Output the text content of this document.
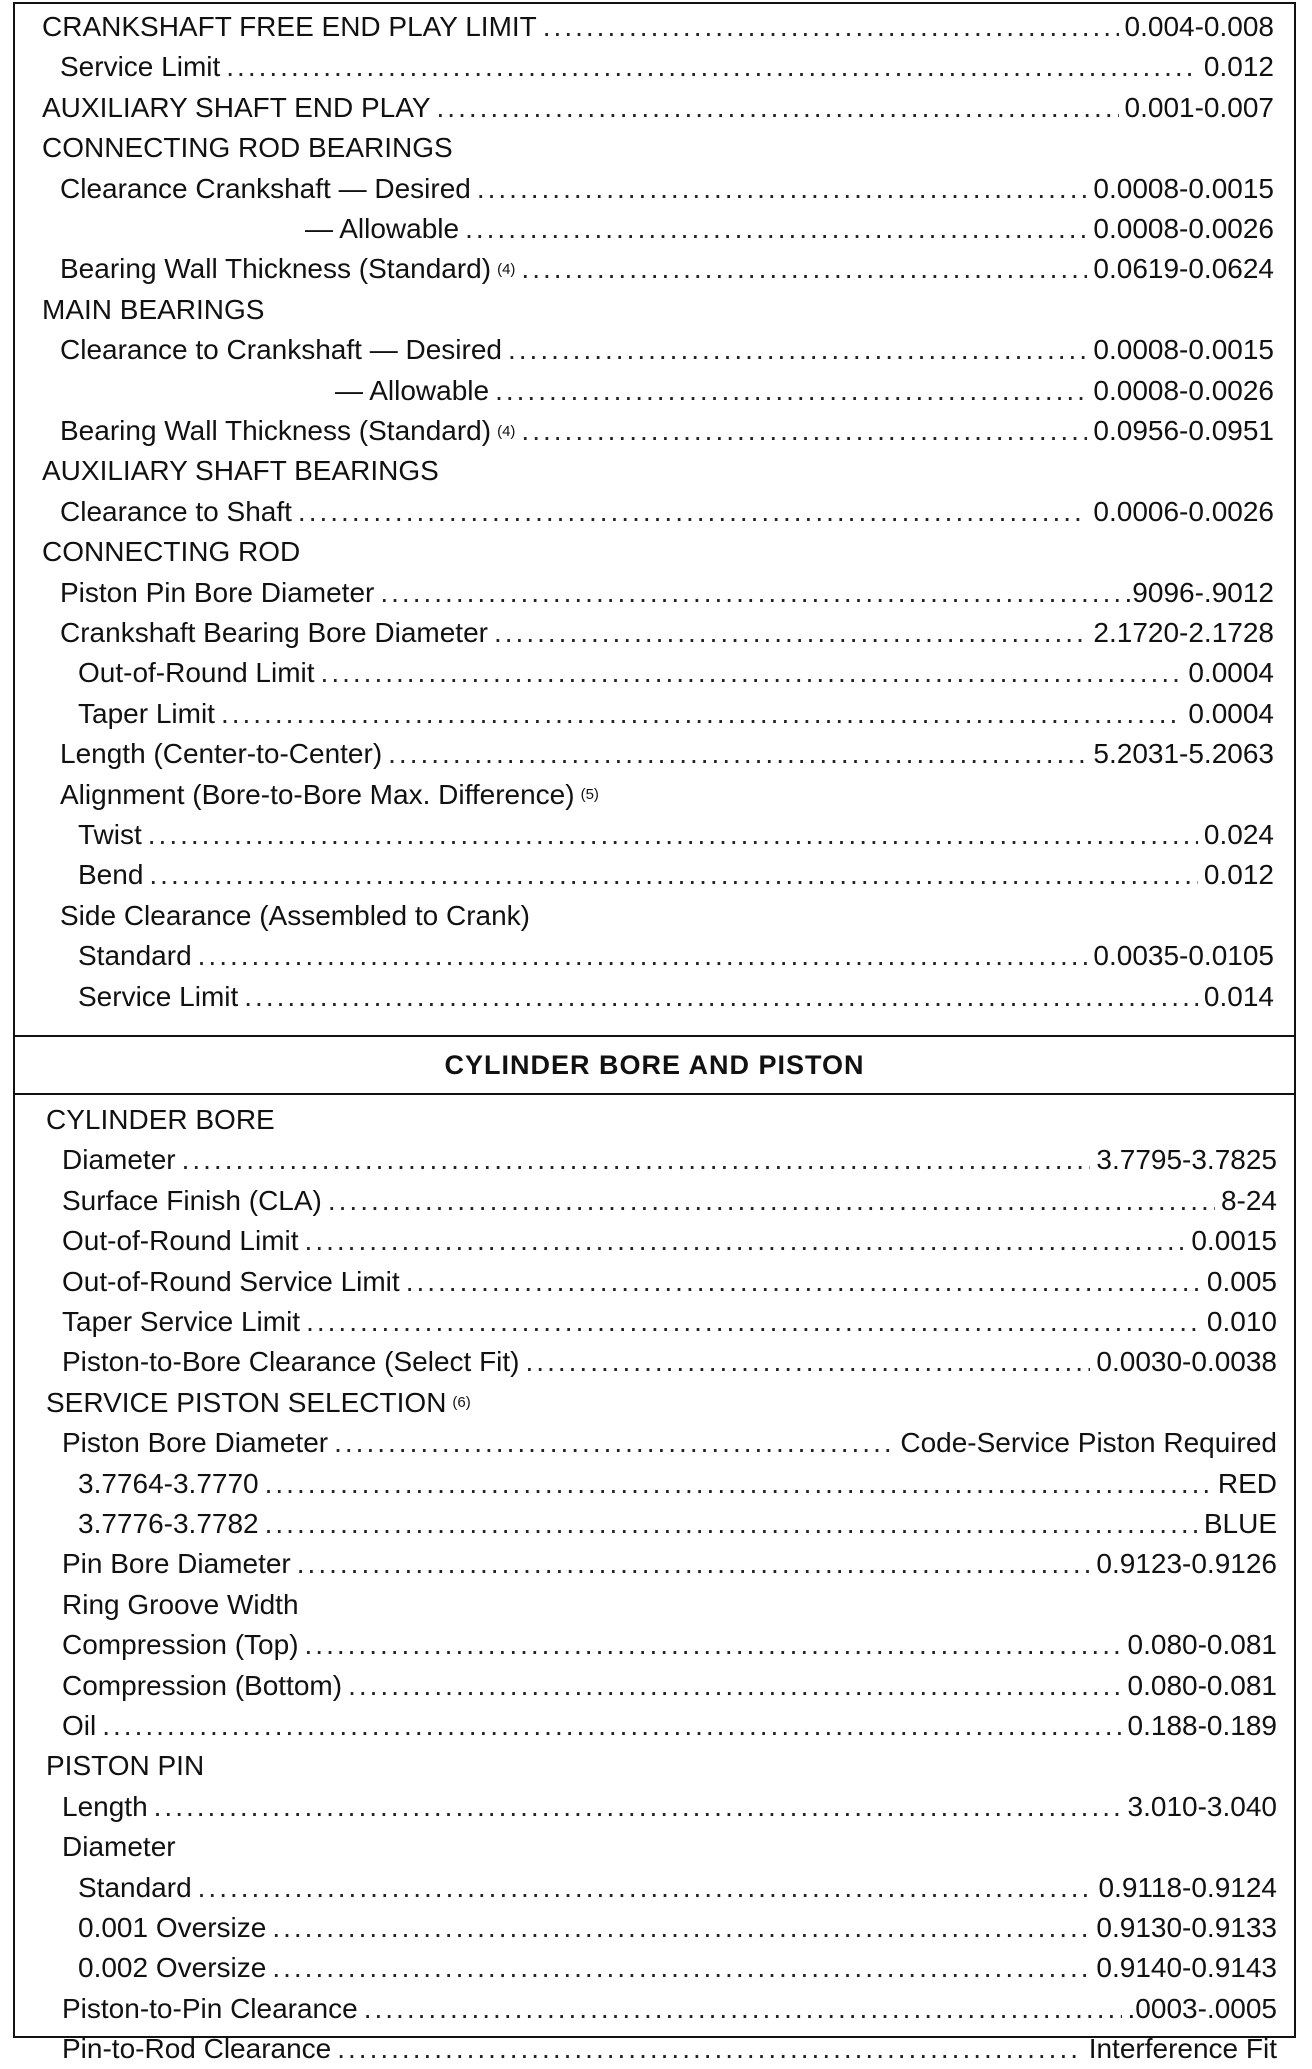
CRANKSHAFT FREE END PLAY LIMIT .....	0.004-0.008
Service Limit .....	0.012
AUXILIARY SHAFT END PLAY .....	0.001-0.007
CONNECTING ROD BEARINGS
Clearance Crankshaft — Desired .....	0.0008-0.0015
— Allowable .....	0.0008-0.0026
Bearing Wall Thickness (Standard) (4) .....	0.0619-0.0624
MAIN BEARINGS
Clearance to Crankshaft — Desired .....	0.0008-0.0015
— Allowable .....	0.0008-0.0026
Bearing Wall Thickness (Standard) (4) .....	0.0956-0.0951
AUXILIARY SHAFT BEARINGS
Clearance to Shaft .....	0.0006-0.0026
CONNECTING ROD
Piston Pin Bore Diameter .....	.9096-.9012
Crankshaft Bearing Bore Diameter .....	2.1720-2.1728
Out-of-Round Limit .....	0.0004
Taper Limit .....	0.0004
Length (Center-to-Center) .....	5.2031-5.2063
Alignment (Bore-to-Bore Max. Difference) (5)
Twist .....	0.024
Bend .....	0.012
Side Clearance (Assembled to Crank)
Standard .....	0.0035-0.0105
Service Limit .....	0.014
CYLINDER BORE AND PISTON
CYLINDER BORE
Diameter .....	3.7795-3.7825
Surface Finish (CLA) .....	8-24
Out-of-Round Limit .....	0.0015
Out-of-Round Service Limit .....	0.005
Taper Service Limit .....	0.010
Piston-to-Bore Clearance (Select Fit) .....	0.0030-0.0038
SERVICE PISTON SELECTION (6)
Piston Bore Diameter .....	Code-Service Piston Required
3.7764-3.7770 .....	RED
3.7776-3.7782 .....	BLUE
Pin Bore Diameter .....	0.9123-0.9126
Ring Groove Width
Compression (Top) .....	0.080-0.081
Compression (Bottom) .....	0.080-0.081
Oil .....	0.188-0.189
PISTON PIN
Length .....	3.010-3.040
Diameter
Standard .....	0.9118-0.9124
0.001 Oversize .....	0.9130-0.9133
0.002 Oversize .....	0.9140-0.9143
Piston-to-Pin Clearance .....	.0003-.0005
Pin-to-Rod Clearance .....	Interference Fit
